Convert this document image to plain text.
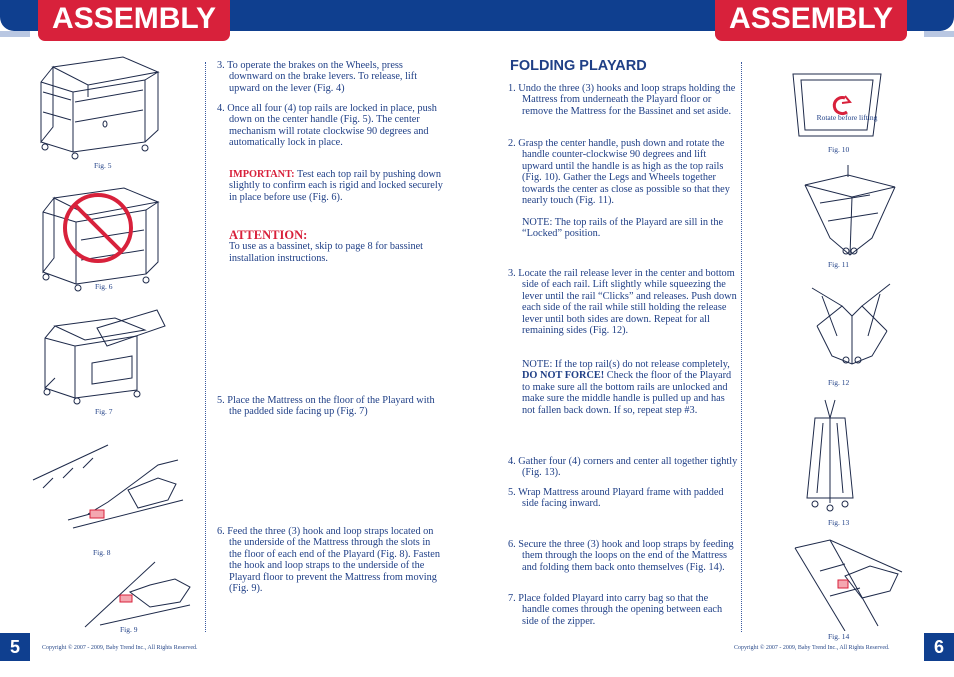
ASSEMBLY	ASSEMBLY
Fig. 5
Fig. 6
Fig. 7
Fig. 8
Fig. 9

3. To operate the brakes on the Wheels, press downward on the brake levers. To release, lift upward on the lever (Fig. 4)

4. Once all four (4) top rails are locked in place, push down on the center handle (Fig. 5). The center mechanism will rotate clockwise 90 degrees and automatically lock in place.

IMPORTANT: Test each top rail by pushing down slightly to confirm each is rigid and locked securely in place before use (Fig. 6).

ATTENTION:

To use as a bassinet, skip to page 8 for bassinet installation instructions.

5. Place the Mattress on the floor of the Playard with the padded side facing up (Fig. 7)

6. Feed the three (3) hook and loop straps located on the underside of the Mattress through the slots in the floor of each end of the Playard (Fig. 8). Fasten the hook and loop straps to the underside of the Playard floor to prevent the Mattress from moving (Fig. 9).

FOLDING PLAYARD

1. Undo the three (3) hooks and loop straps holding the Mattress from underneath the Playard floor or remove the Mattress for the Bassinet and set aside.

2. Grasp the center handle, push down and rotate the handle counter-clockwise 90 degrees and lift upward until the handle is as high as the top rails (Fig. 10). Gather the Legs and Wheels together towards the center as close as possible so that they nearly touch (Fig. 11).

NOTE: The top rails of the Playard are sill in the “Locked” position.

3. Locate the rail release lever in the center and bottom side of each rail. Lift slightly while squeezing the lever until the rail “Clicks” and releases. Push down each side of the rail while still holding the release lever until both sides are down. Repeat for all remaining sides (Fig. 12).

NOTE: If the top rail(s) do not release completely, DO NOT FORCE! Check the floor of the Playard to make sure all the bottom rails are unlocked and make sure the middle handle is pulled up and has not fallen back down. If so, repeat step #3.

4. Gather four (4) corners and center all together tightly (Fig. 13).

5. Wrap Mattress around Playard frame with padded side facing inward.

6. Secure the three (3) hook and loop straps by feeding them through the loops on the end of the Mattress and folding them back onto themselves (Fig. 14).

7. Place folded Playard into carry bag so that the handle comes through the opening between each side of the zipper.

Rotate before lifting
Fig. 10
Fig. 11
Fig. 12
Fig. 13
Fig. 14
5	6
Copyright © 2007 - 2009, Baby Trend Inc., All Rights Reserved.	Copyright © 2007 - 2009, Baby Trend Inc., All Rights Reserved.
